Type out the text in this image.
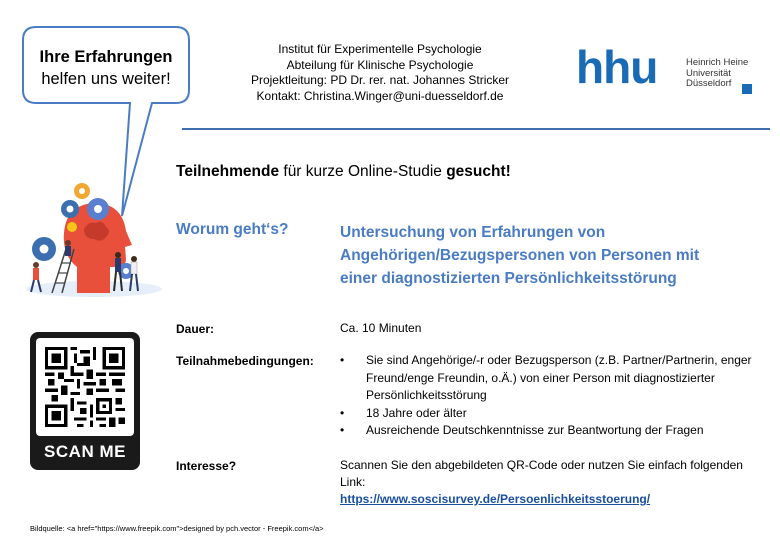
Ihre Erfahrungen
helfen uns weiter!
Institut für Experimentelle Psychologie
Abteilung für Klinische Psychologie
Projektleitung: PD Dr. rer. nat. Johannes Stricker
Kontakt: Christina.Winger@uni-duesseldorf.de
hhu	Heinrich Heine
Universität
Düsseldorf
Teilnehmende für kurze Online-Studie gesucht!
Worum geht‘s?	Untersuchung von Erfahrungen von
Angehörigen/Bezugspersonen von Personen mit
einer diagnostizierten Persönlichkeitsstörung
Dauer:	Ca. 10 Minuten
Teilnahmebedingungen: • Sie sind Angehörige/-r oder Bezugsperson (z.B. Partner/Partnerin, enger Freund/enge Freundin, o.Ä.) von einer Person mit diagnostizierter Persönlichkeitsstörung
• 18 Jahre oder älter
• Ausreichende Deutschkenntnisse zur Beantwortung der Fragen
Interesse?	Scannen Sie den abgebildeten QR-Code oder nutzen Sie einfach folgenden Link:
https://www.soscisurvey.de/Persoenlichkeitsstoerung/
SCAN ME
Bildquelle: <a href="https://www.freepik.com">designed by pch.vector - Freepik.com</a>
